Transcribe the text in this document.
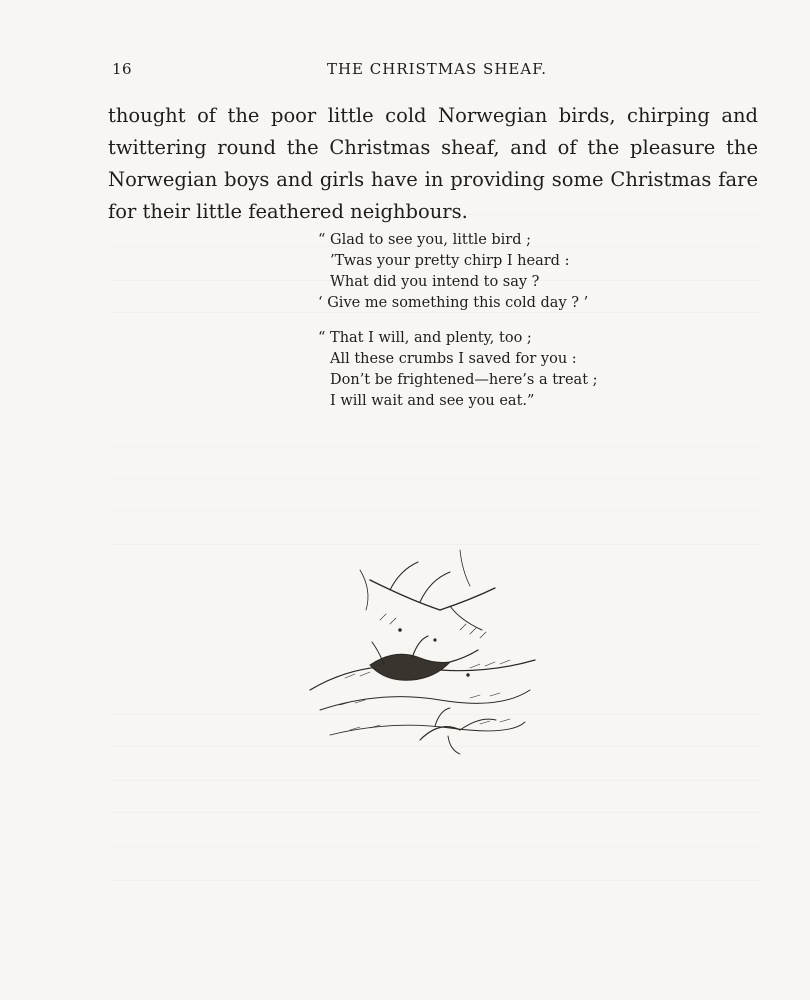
16	THE CHRISTMAS SHEAF.

thought of the poor little cold Norwegian birds, chirping and twittering round the Christmas sheaf, and of the pleasure the Norwegian boys and girls have in providing some Christmas fare for their little feathered neighbours.

“ Glad to see you, little bird ;
’Twas your pretty chirp I heard :
What did you intend to say ?
‘ Give me something this cold day ? ’
“ That I will, and plenty, too ;
All these crumbs I saved for you :
Don’t be frightened—here’s a treat ;
I will wait and see you eat.”
